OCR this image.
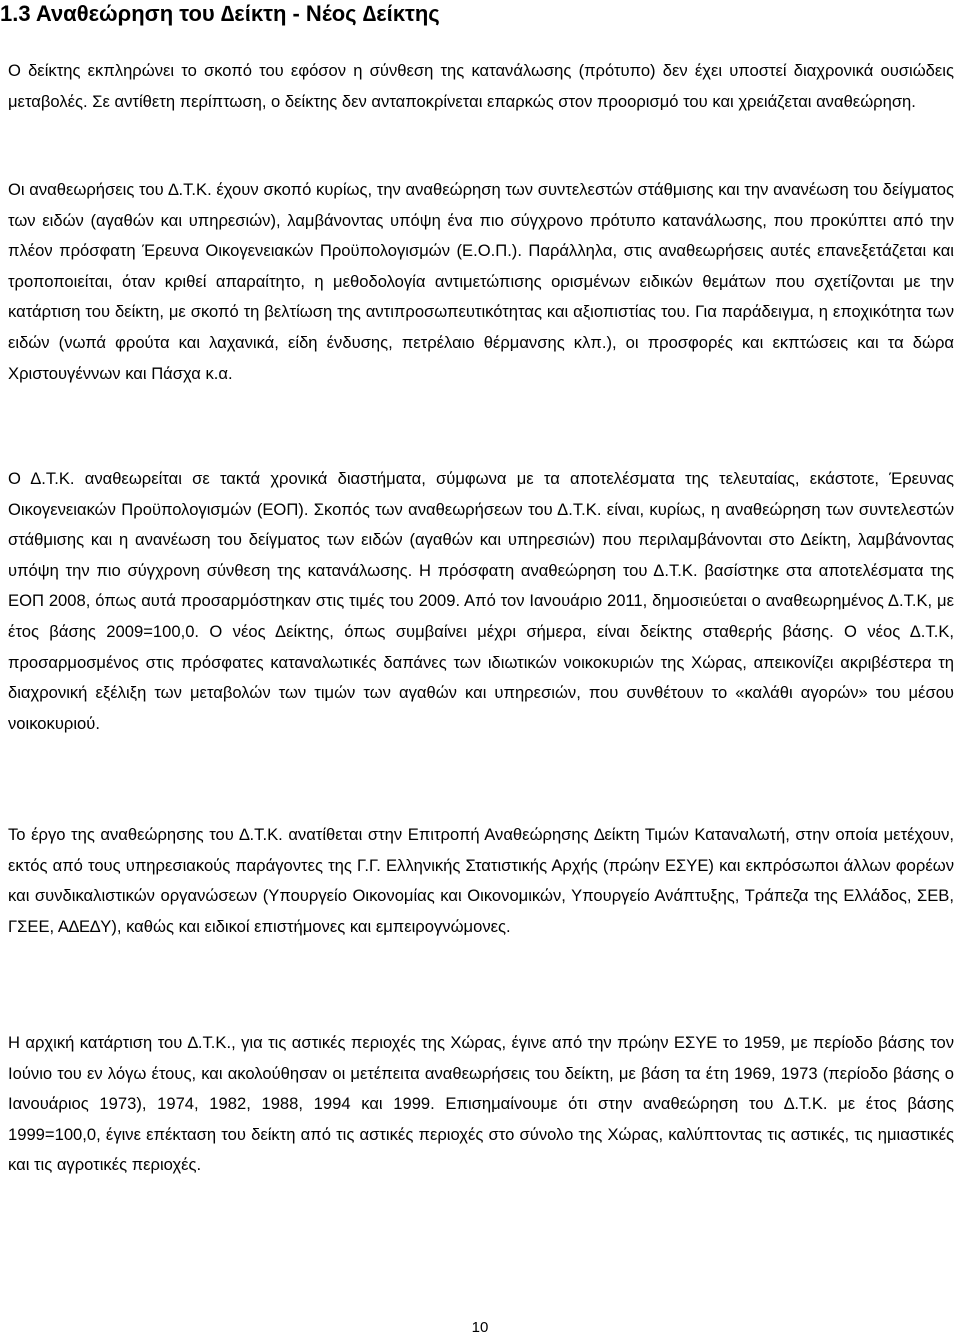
1.3 Αναθεώρηση του ∆είκτη - Νέος ∆είκτης

Ο δείκτης εκπληρώνει το σκοπό του εφόσον η σύνθεση της κατανάλωσης (πρότυπο) δεν έχει υποστεί διαχρονικά ουσιώδεις μεταβολές. Σε αντίθετη περίπτωση, ο δείκτης δεν ανταποκρίνεται επαρκώς στον προορισμό του και χρειάζεται αναθεώρηση.

Οι αναθεωρήσεις του ∆.Τ.Κ. έχουν σκοπό κυρίως, την αναθεώρηση των συντελεστών στάθμισης και την ανανέωση του δείγματος των ειδών (αγαθών και υπηρεσιών), λαμβάνοντας υπόψη ένα πιο σύγχρονο πρότυπο κατανάλωσης, που προκύπτει από την πλέον πρόσφατη Έρευνα Οικογενειακών Προϋπολογισμών (Ε.Ο.Π.). Παράλληλα, στις αναθεωρήσεις αυτές επανεξετάζεται και τροποποιείται, όταν κριθεί απαραίτητο, η μεθοδολογία αντιμετώπισης ορισμένων ειδικών θεμάτων που σχετίζονται με την κατάρτιση του δείκτη, με σκοπό τη βελτίωση της αντιπροσωπευτικότητας και αξιοπιστίας του. Για παράδειγμα, η εποχικότητα των ειδών (νωπά φρούτα και λαχανικά, είδη ένδυσης, πετρέλαιο θέρμανσης κλπ.), οι προσφορές και εκπτώσεις και τα δώρα Χριστουγέννων και Πάσχα κ.α.

Ο Δ.Τ.Κ. αναθεωρείται σε τακτά χρονικά διαστήματα, σύμφωνα με τα αποτελέσματα της τελευταίας, εκάστοτε, Έρευνας Οικογενειακών Προϋπολογισμών (ΕΟΠ). Σκοπός των αναθεωρήσεων του Δ.Τ.Κ. είναι, κυρίως, η αναθεώρηση των συντελεστών στάθμισης και η ανανέωση του δείγματος των ειδών (αγαθών και υπηρεσιών) που περιλαμβάνονται στο Δείκτη, λαμβάνοντας υπόψη την πιο σύγχρονη σύνθεση της κατανάλωσης. Η πρόσφατη αναθεώρηση του Δ.Τ.Κ. βασίστηκε στα αποτελέσματα της ΕΟΠ 2008, όπως αυτά προσαρμόστηκαν στις τιμές του 2009. Από τον Ιανουάριο 2011, δημοσιεύεται ο αναθεωρημένος Δ.Τ.Κ, με έτος βάσης 2009=100,0. Ο νέος Δείκτης, όπως συμβαίνει μέχρι σήμερα, είναι δείκτης σταθερής βάσης. Ο νέος Δ.Τ.Κ, προσαρμοσμένος στις πρόσφατες καταναλωτικές δαπάνες των ιδιωτικών νοικοκυριών της Χώρας, απεικονίζει ακριβέστερα τη διαχρονική εξέλιξη των μεταβολών των τιμών των αγαθών και υπηρεσιών, που συνθέτουν το «καλάθι αγορών» του μέσου νοικοκυριού.

Το έργο της αναθεώρησης του ∆.Τ.Κ. ανατίθεται στην Επιτροπή Αναθεώρησης ∆είκτη Τιμών Καταναλωτή, στην οποία μετέχουν, εκτός από τους υπηρεσιακούς παράγοντες της Γ.Γ. Ελληνικής Στατιστικής Αρχής (πρώην ΕΣΥΕ) και εκπρόσωποι άλλων φορέων και συνδικαλιστικών οργανώσεων (Υπουργείο Οικονομίας και Οικονομικών, Υπουργείο Ανάπτυξης, Τράπεζα της Ελλάδος, ΣΕΒ, ΓΣΕΕ, Α∆Ε∆Υ), καθώς και ειδικοί επιστήμονες και εμπειρογνώμονες.

Η αρχική κατάρτιση του ∆.Τ.Κ., για τις αστικές περιοχές της Χώρας, έγινε από την πρώην ΕΣΥΕ το 1959, με περίοδο βάσης τον Ιούνιο του εν λόγω έτους, και ακολούθησαν οι μετέπειτα αναθεωρήσεις του δείκτη, με βάση τα έτη 1969, 1973 (περίοδο βάσης ο Ιανουάριος 1973), 1974, 1982, 1988, 1994 και 1999. Επισημαίνουμε ότι στην αναθεώρηση του ∆.Τ.Κ. με έτος βάσης 1999=100,0, έγινε επέκταση του δείκτη από τις αστικές περιοχές στο σύνολο της Χώρας, καλύπτοντας τις αστικές, τις ημιαστικές και τις αγροτικές περιοχές.

10
